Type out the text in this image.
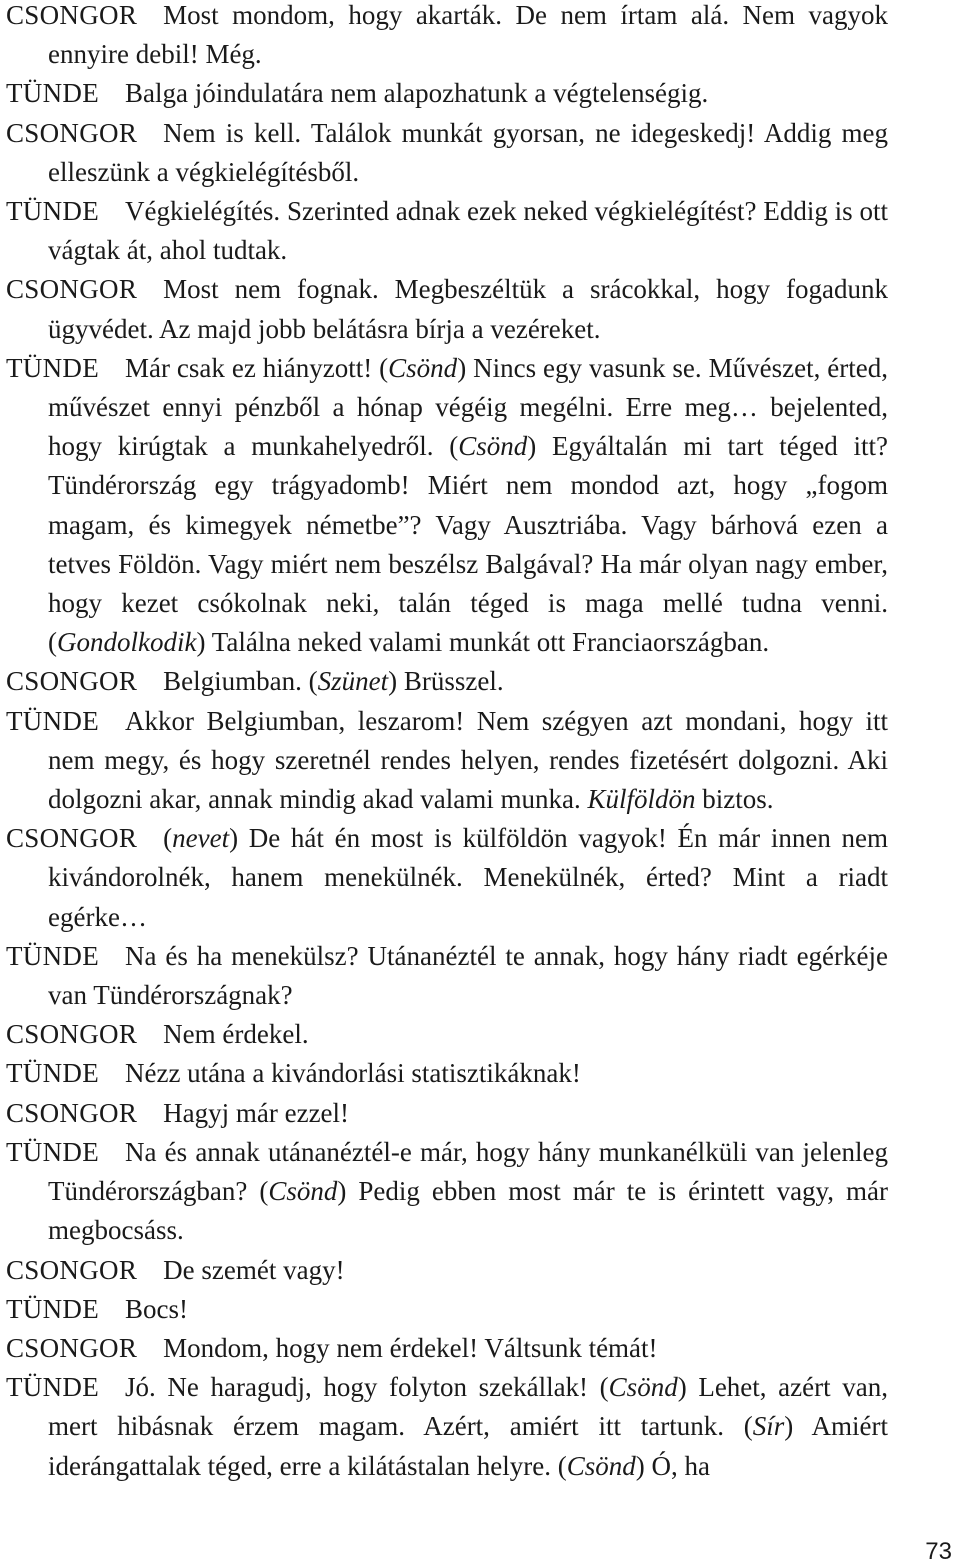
CSONGOR Most mondom, hogy akarták. De nem írtam alá. Nem vagyok ennyire debil! Még.

TÜNDE Balga jóindulatára nem alapozhatunk a végtelenségig.

CSONGOR Nem is kell. Találok munkát gyorsan, ne idegeskedj! Addig meg elleszünk a végkielégítésből.

TÜNDE Végkielégítés. Szerinted adnak ezek neked végkielégítést? Eddig is ott vágtak át, ahol tudtak.

CSONGOR Most nem fognak. Megbeszéltük a srácokkal, hogy fogadunk ügyvédet. Az majd jobb belátásra bírja a vezéreket.

TÜNDE Már csak ez hiányzott! (Csönd) Nincs egy vasunk se. Művészet, érted, művészet ennyi pénzből a hónap végéig megélni. Erre meg… bejelented, hogy kirúgtak a munkahelyedről. (Csönd) Egyáltalán mi tart téged itt? Tündérország egy trágyadomb! Miért nem mondod azt, hogy „fogom magam, és kimegyek németbe”? Vagy Ausztriába. Vagy bárhová ezen a tetves Földön. Vagy miért nem beszélsz Balgával? Ha már olyan nagy ember, hogy kezet csókolnak neki, talán téged is maga mellé tudna venni. (Gondolkodik) Találna neked valami munkát ott Franciaországban.

CSONGOR Belgiumban. (Szünet) Brüsszel.

TÜNDE Akkor Belgiumban, leszarom! Nem szégyen azt mondani, hogy itt nem megy, és hogy szeretnél rendes helyen, rendes fizetésért dolgozni. Aki dolgozni akar, annak mindig akad valami munka. Külföldön biztos.

CSONGOR (nevet) De hát én most is külföldön vagyok! Én már innen nem kivándorolnék, hanem menekülnék. Menekülnék, érted? Mint a riadt egérke…

TÜNDE Na és ha menekülsz? Utánanéztél te annak, hogy hány riadt egérkéje van Tündérországnak?

CSONGOR Nem érdekel.

TÜNDE Nézz utána a kivándorlási statisztikáknak!

CSONGOR Hagyj már ezzel!

TÜNDE Na és annak utánanéztél-e már, hogy hány munkanélküli van jelenleg Tündérországban? (Csönd) Pedig ebben most már te is érintett vagy, már megbocsáss.

CSONGOR De szemét vagy!

TÜNDE Bocs!

CSONGOR Mondom, hogy nem érdekel! Váltsunk témát!

TÜNDE Jó. Ne haragudj, hogy folyton szekállak! (Csönd) Lehet, azért van, mert hibásnak érzem magam. Azért, amiért itt tartunk. (Sír) Amiért iderángattalak téged, erre a kilátástalan helyre. (Csönd) Ó, ha

73
